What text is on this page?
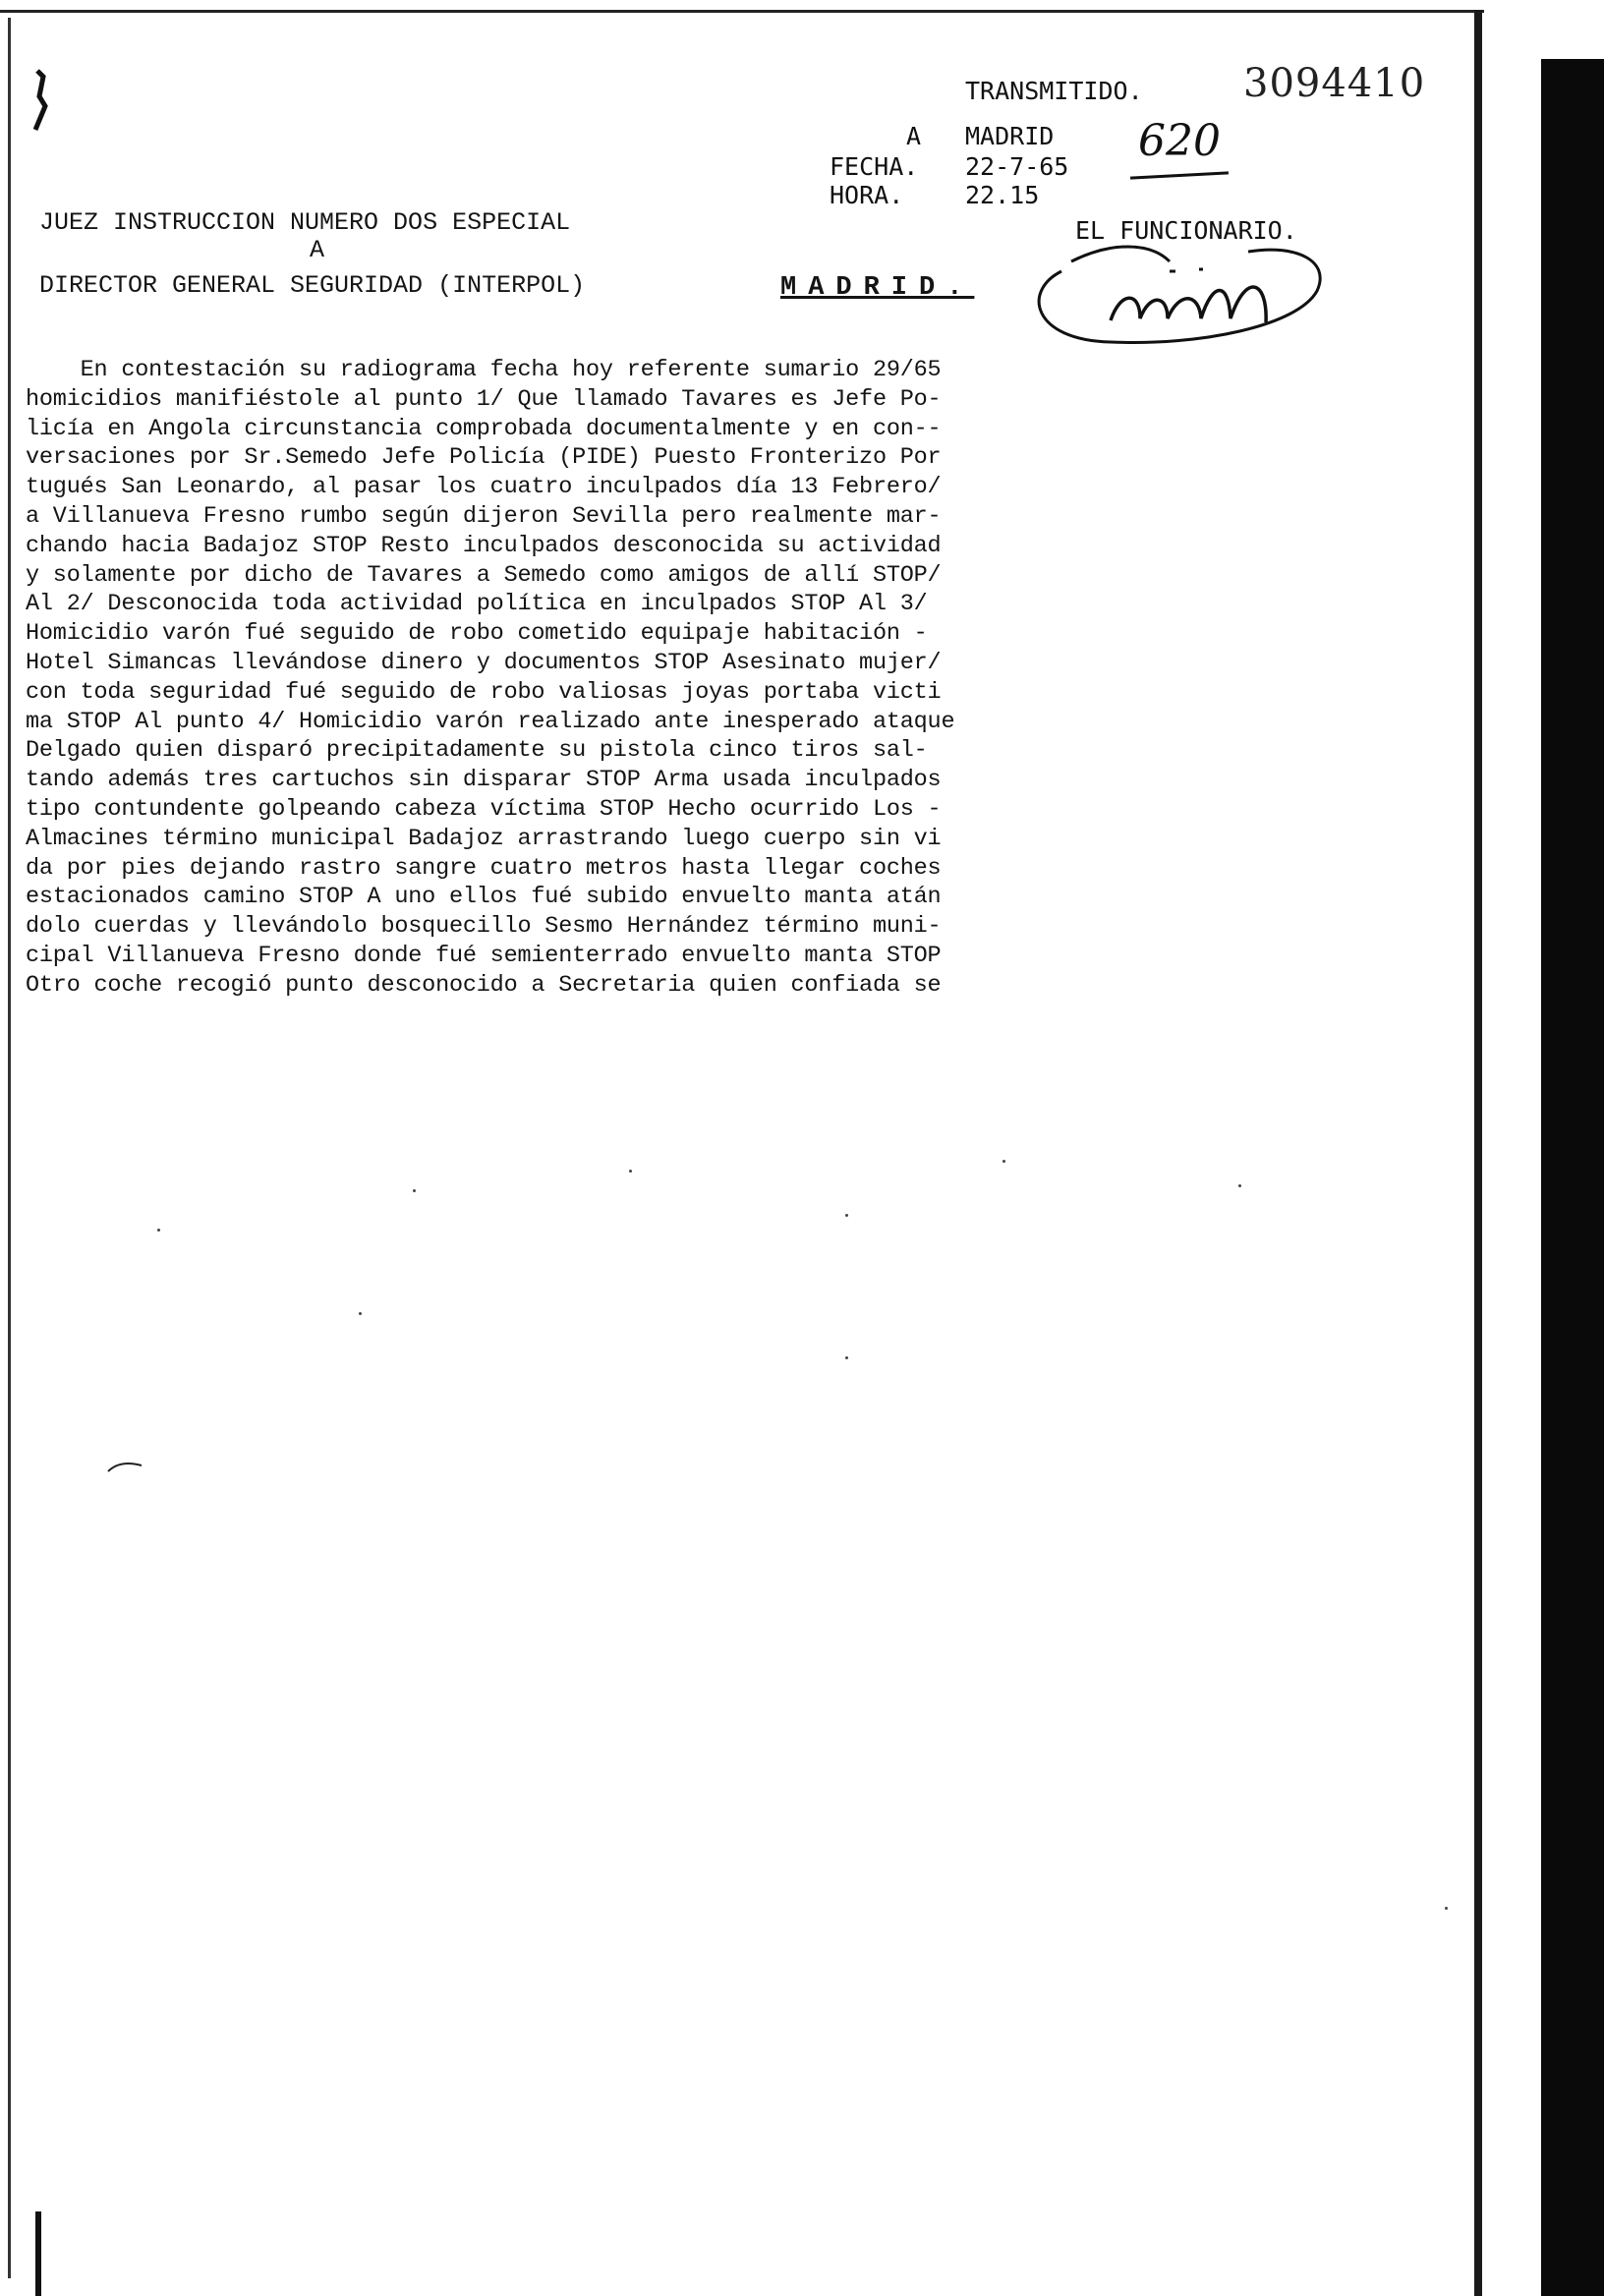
TRANSMITIDO.	3094410
A MADRID
FECHA. 22-7-65
HORA.	22.15
620
EL FUNCIONARIO.
JUEZ INSTRUCCION NUMERO DOS ESPECIAL
A
DIRECTOR GENERAL SEGURIDAD (INTERPOL)	MADRID.
En contestación su radiograma fecha hoy referente sumario 29/65
homicidios manifiéstole al punto 1/ Que llamado Tavares es Jefe Po-
licía en Angola circunstancia comprobada documentalmente y en con--
versaciones por Sr.Semedo Jefe Policía (PIDE) Puesto Fronterizo Por
tugués San Leonardo, al pasar los cuatro inculpados día 13 Febrero/
a Villanueva Fresno rumbo según dijeron Sevilla pero realmente mar-
chando hacia Badajoz STOP Resto inculpados desconocida su actividad
y solamente por dicho de Tavares a Semedo como amigos de allí STOP/
Al 2/ Desconocida toda actividad política en inculpados STOP Al 3/
Homicidio varón fué seguido de robo cometido equipaje habitación -
Hotel Simancas llevándose dinero y documentos STOP Asesinato mujer/
con toda seguridad fué seguido de robo valiosas joyas portaba victi
ma STOP Al punto 4/ Homicidio varón realizado ante inesperado ataque
Delgado quien disparó precipitadamente su pistola cinco tiros sal-
tando además tres cartuchos sin disparar STOP Arma usada inculpados
tipo contundente golpeando cabeza víctima STOP Hecho ocurrido Los -
Almacines término municipal Badajoz arrastrando luego cuerpo sin vi
da por pies dejando rastro sangre cuatro metros hasta llegar coches
estacionados camino STOP A uno ellos fué subido envuelto manta atán
dolo cuerdas y llevándolo bosquecillo Sesmo Hernández término muni-
cipal Villanueva Fresno donde fué semienterrado envuelto manta STOP
Otro coche recogió punto desconocido a Secretaria quien confiada se
